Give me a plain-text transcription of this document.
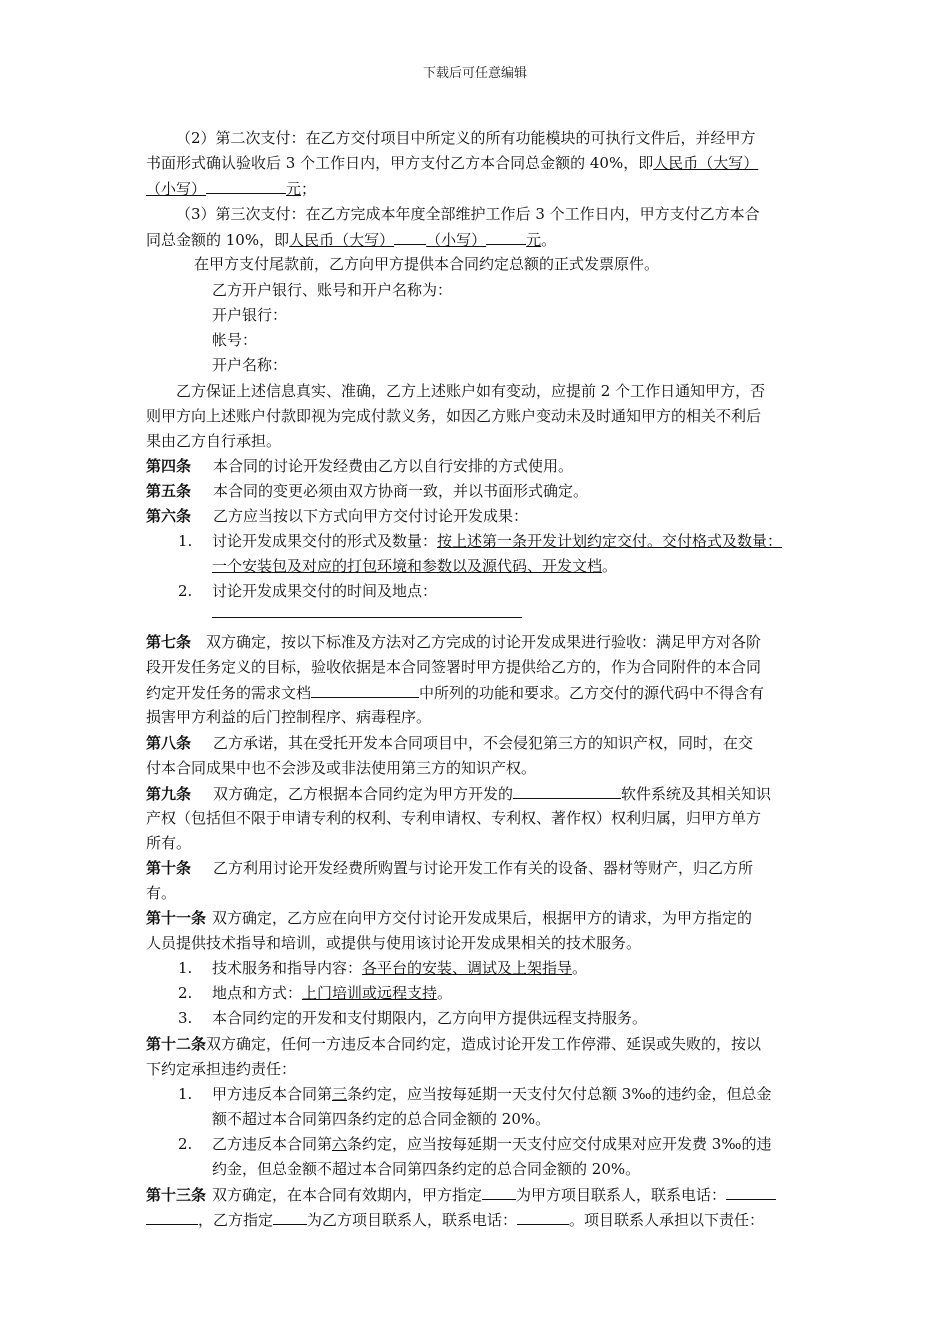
下载后可任意编辑
（2）第二次支付：在乙方交付项目中所定义的所有功能模块的可执行文件后，并经甲方
书面形式确认验收后 3 个工作日内，甲方支付乙方本合同总金额的 40%，即人民币（大写）
（小写）	元；
（3）第三次支付：在乙方完成本年度全部维护工作后 3 个工作日内，甲方支付乙方本合
同总金额的 10%，即人民币（大写） （小写）	元。
在甲方支付尾款前，乙方向甲方提供本合同约定总额的正式发票原件。
乙方开户银行、账号和开户名称为：
开户银行：
帐号：
开户名称：
乙方保证上述信息真实、准确，乙方上述账户如有变动，应提前 2 个工作日通知甲方，否
则甲方向上述账户付款即视为完成付款义务，如因乙方账户变动未及时通知甲方的相关不利后
果由乙方自行承担。
第四条 本合同的讨论开发经费由乙方以自行安排的方式使用。
第五条 本合同的变更必须由双方协商一致，并以书面形式确定。
第六条 乙方应当按以下方式向甲方交付讨论开发成果：
1. 讨论开发成果交付的形式及数量：按上述第一条开发计划约定交付。交付格式及数量：
一个安装包及对应的打包环境和参数以及源代码、开发文档。
2. 讨论开发成果交付的时间及地点：
第七条 双方确定，按以下标准及方法对乙方完成的讨论开发成果进行验收：满足甲方对各阶
段开发任务定义的目标，验收依据是本合同签署时甲方提供给乙方的，作为合同附件的本合同
约定开发任务的需求文档	中所列的功能和要求。乙方交付的源代码中不得含有
损害甲方利益的后门控制程序、病毒程序。
第八条 乙方承诺，其在受托开发本合同项目中，不会侵犯第三方的知识产权，同时，在交
付本合同成果中也不会涉及或非法使用第三方的知识产权。
第九条 双方确定，乙方根据本合同约定为甲方开发的	软件系统及其相关知识
产权（包括但不限于申请专利的权利、专利申请权、专利权、著作权）权利归属，归甲方单方
所有。
第十条 乙方利用讨论开发经费所购置与讨论开发工作有关的设备、器材等财产，归乙方所
有。
第十一条 双方确定，乙方应在向甲方交付讨论开发成果后，根据甲方的请求，为甲方指定的
人员提供技术指导和培训，或提供与使用该讨论开发成果相关的技术服务。
1. 技术服务和指导内容：各平台的安装、调试及上架指导。
2. 地点和方式：上门培训或远程支持。
3. 本合同约定的开发和支付期限内，乙方向甲方提供远程支持服务。
第十二条双方确定，任何一方违反本合同约定，造成讨论开发工作停滞、延误或失败的，按以
下约定承担违约责任：
1. 甲方违反本合同第三条约定，应当按每延期一天支付欠付总额 3‰的违约金，但总金
额不超过本合同第四条约定的总合同金额的 20%。
2. 乙方违反本合同第六条约定，应当按每延期一天支付应交付成果对应开发费 3‰的违
约金，但总金额不超过本合同第四条约定的总合同金额的 20%。
第十三条 双方确定，在本合同有效期内，甲方指定 为甲方项目联系人，联系电话：
，乙方指定 为乙方项目联系人，联系电话：	。项目联系人承担以下责任：
